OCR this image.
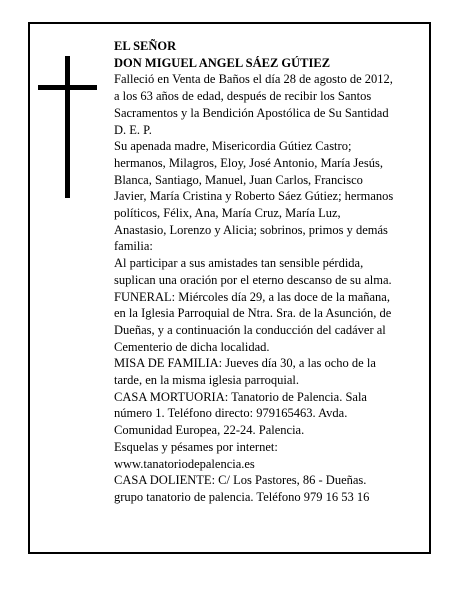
EL SEÑOR
DON MIGUEL ANGEL SÁEZ GÚTIEZ
Falleció en Venta de Baños el día 28 de agosto de 2012,
a los 63 años de edad, después de recibir los Santos
Sacramentos y la Bendición Apostólica de Su Santidad
D. E. P.
Su apenada madre, Misericordia Gútiez Castro;
hermanos, Milagros, Eloy, José Antonio, María Jesús,
Blanca, Santiago, Manuel, Juan Carlos, Francisco
Javier, María Cristina y Roberto Sáez Gútiez; hermanos
políticos, Félix, Ana, María Cruz, María Luz,
Anastasio, Lorenzo y Alicia; sobrinos, primos y demás
familia:
Al participar a sus amistades tan sensible pérdida,
suplican una oración por el eterno descanso de su alma.
FUNERAL: Miércoles día 29, a las doce de la mañana,
en la Iglesia Parroquial de Ntra. Sra. de la Asunción, de
Dueñas, y a continuación la conducción del cadáver al
Cementerio de dicha localidad.
MISA DE FAMILIA: Jueves día 30, a las ocho de la
tarde, en la misma iglesia parroquial.
CASA MORTUORIA: Tanatorio de Palencia. Sala
número 1. Teléfono directo: 979165463. Avda.
Comunidad Europea, 22-24. Palencia.
Esquelas y pésames por internet:
www.tanatoriodepalencia.es
CASA DOLIENTE: C/ Los Pastores, 86 - Dueñas.
grupo tanatorio de palencia. Teléfono 979 16 53 16
